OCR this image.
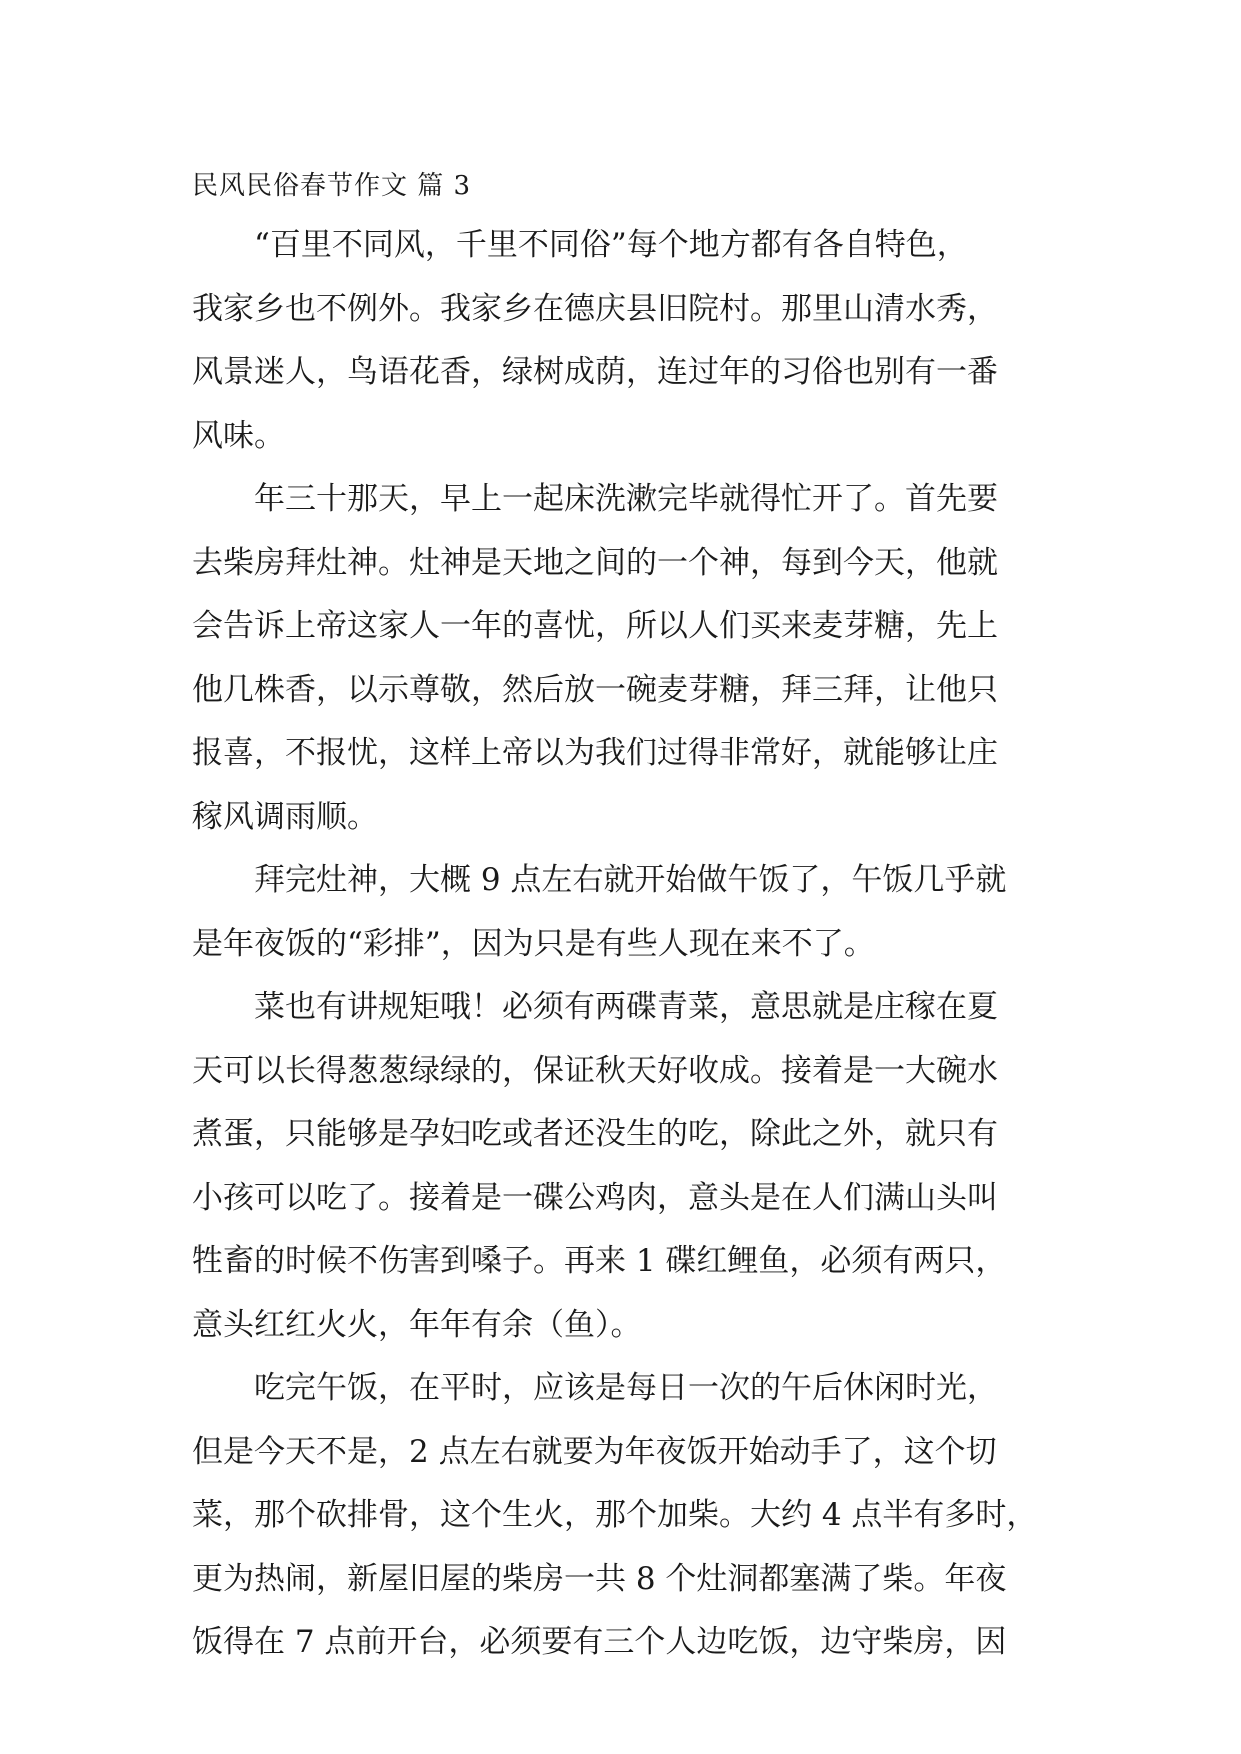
民风民俗春节作文 篇 3
“百里不同风，千里不同俗”每个地方都有各自特色，
我家乡也不例外。我家乡在德庆县旧院村。那里山清水秀，
风景迷人，鸟语花香，绿树成荫，连过年的习俗也别有一番
风味。
年三十那天，早上一起床洗漱完毕就得忙开了。首先要
去柴房拜灶神。灶神是天地之间的一个神，每到今天，他就
会告诉上帝这家人一年的喜忧，所以人们买来麦芽糖，先上
他几株香，以示尊敬，然后放一碗麦芽糖，拜三拜，让他只
报喜，不报忧，这样上帝以为我们过得非常好，就能够让庄
稼风调雨顺。
拜完灶神，大概 9 点左右就开始做午饭了，午饭几乎就
是年夜饭的“彩排”，因为只是有些人现在来不了。
菜也有讲规矩哦！必须有两碟青菜，意思就是庄稼在夏
天可以长得葱葱绿绿的，保证秋天好收成。接着是一大碗水
煮蛋，只能够是孕妇吃或者还没生的吃，除此之外，就只有
小孩可以吃了。接着是一碟公鸡肉，意头是在人们满山头叫
牲畜的时候不伤害到嗓子。再来 1 碟红鲤鱼，必须有两只，
意头红红火火，年年有余（鱼）。
吃完午饭，在平时，应该是每日一次的午后休闲时光，
但是今天不是，2 点左右就要为年夜饭开始动手了，这个切
菜，那个砍排骨，这个生火，那个加柴。大约 4 点半有多时，
更为热闹，新屋旧屋的柴房一共 8 个灶洞都塞满了柴。年夜
饭得在 7 点前开台，必须要有三个人边吃饭，边守柴房，因
